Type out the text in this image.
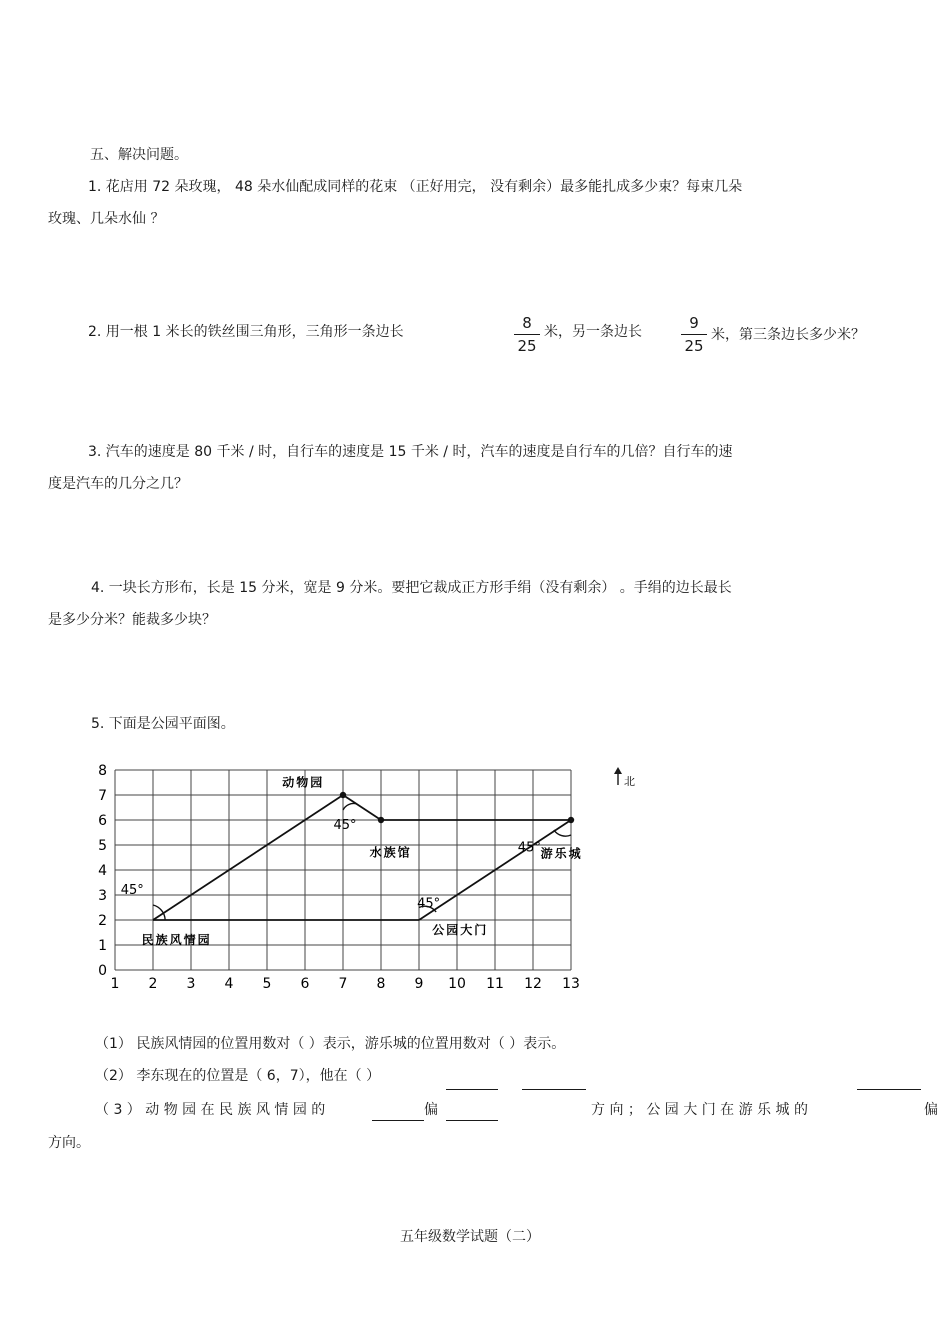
五、解决问题。
1. 花店用 72 朵玫瑰， 48 朵水仙配成同样的花束 （正好用完， 没有剩余）最多能扎成多少束？每束几朵
玫瑰、几朵水仙 ？
2. 用一根 1 米长的铁丝围三角形，三角形一条边长	8
25
米，另一条边长	9
25
米，第三条边长多少米？
3. 汽车的速度是 80 千米 / 时，自行车的速度是 15 千米 / 时，汽车的速度是自行车的几倍？自行车的速
度是汽车的几分之几？
4. 一块长方形布，长是 15 分米，宽是 9 分米。要把它裁成正方形手绢（没有剩余） 。手绢的边长最长
是多少分米？能裁多少块？
5. 下面是公园平面图。
1 2 3 4 5 6 7 8 9 10 11 12 13
0
1
2
3
4
5
6
7
8
动物园
水族馆	游乐城
民族风情园
公园大门
45°
45°
45°
45°
北
（1） 民族风情园的位置用数对（ ）表示，游乐城的位置用数对（ ）表示。
（2） 李东现在的位置是（ 6，7），他在（ ）
（ 3 ） 动 物 园 在 民 族 风 情 园 的	偏	方 向 ； 公 园 大 门 在 游 乐 城 的	偏
方向。
五年级数学试题（二）
